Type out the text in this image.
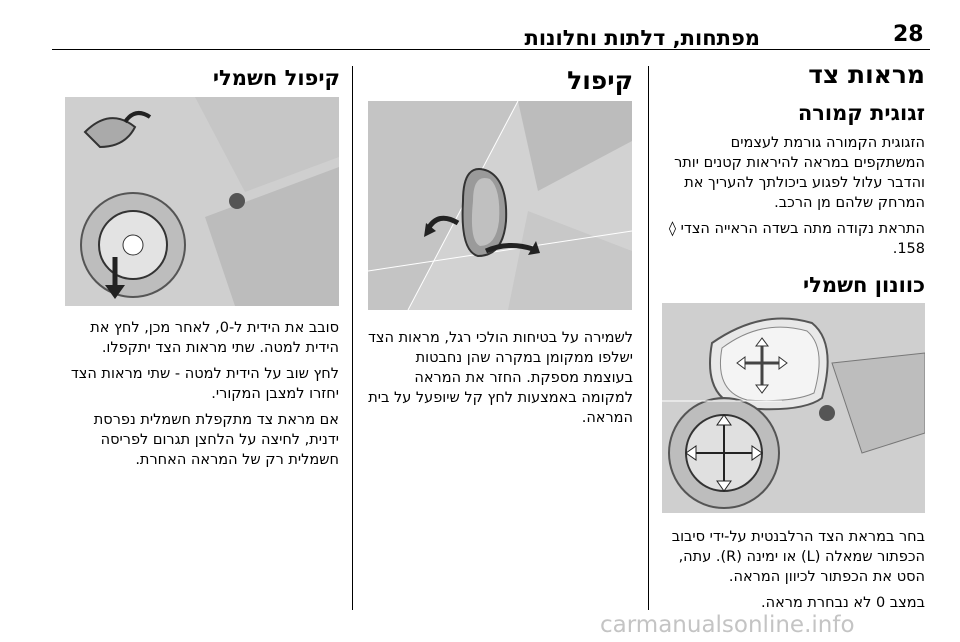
28
מפתחות, דלתות וחלונות
מראות צד
זגוגית קמורה

הזגוגית הקמורה גורמת לעצמים המשתקפים במראה להיראות קטנים יותר והדבר עלול לפגוע ביכולתך להעריך את המרחק שלהם מן הרכב.

התראת נקודה מתה בשדה הראייה הצדי ◊ 158.

כוונון חשמלי

בחר במראת הצד הרלבנטית על-ידי סיבוב הכפתור שמאלה (L) או ימינה (R). עתה, הסט את הכפתור לכיוון המראה.

במצב 0 לא נבחרת מראה.

קיפול

לשמירה על בטיחות הולכי רגל, מראות הצד ישלפו ממקומן במקרה שהן נחבטות בעוצמת מספקת. החזר את המראה למקומה באמצעות לחץ קל שיופעל על בית המראה.

קיפול חשמלי

סובב את הידית ל-0, לאחר מכן, לחץ את הידית למטה. שתי מראות הצד יתקפלו.

לחץ שוב על הידית למטה - שתי מראות הצד יחזרו למצבן המקורי.

אם מראת צד מתקפלת חשמלית נפרסת ידנית, לחיצה על הלחצן תגרום לפריסה חשמלית רק של המראה האחרת.

carmanualsonline.info
